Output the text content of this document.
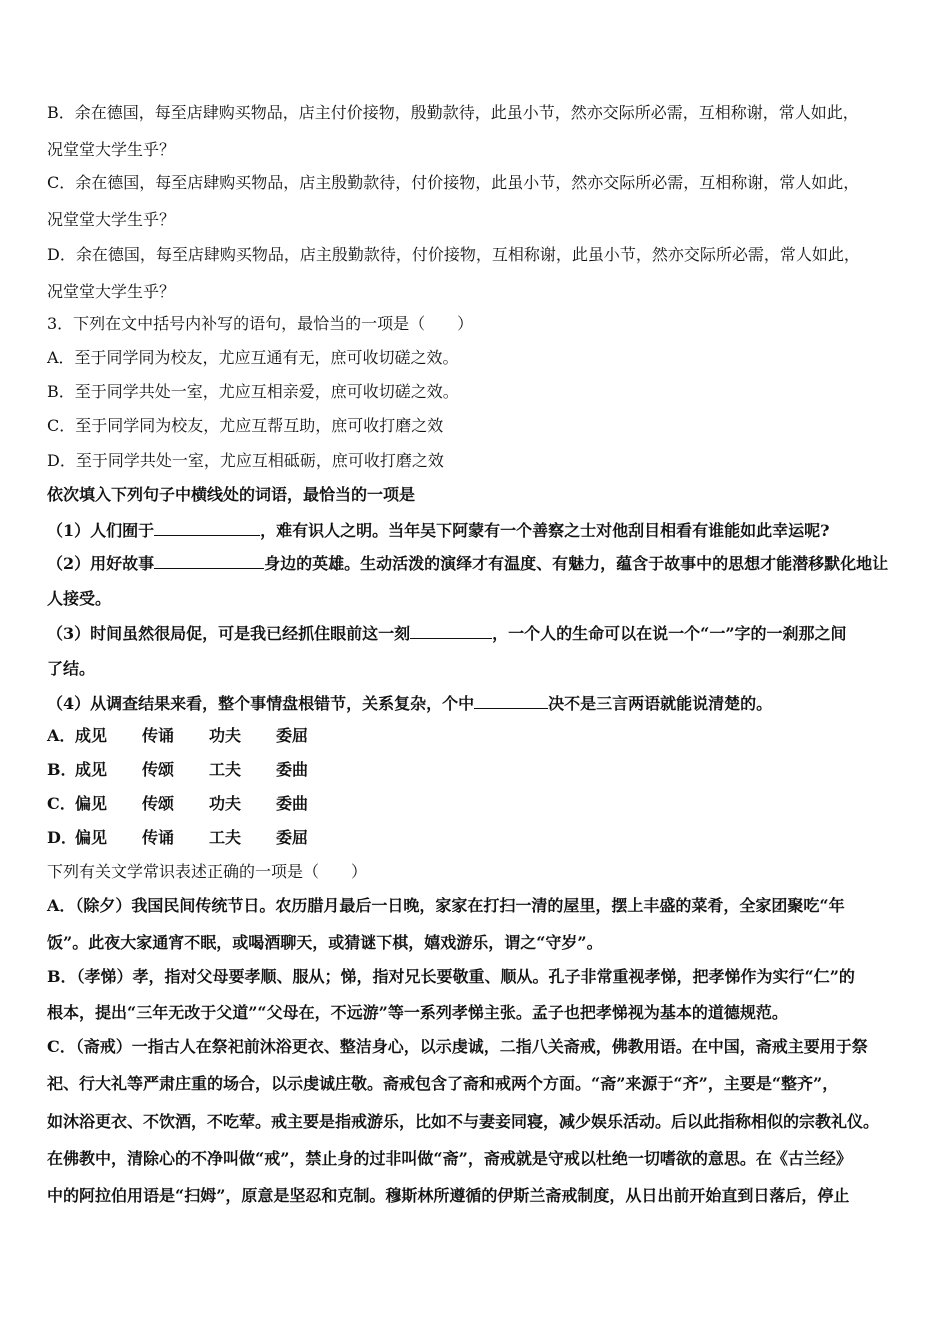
B．余在德国，每至店肆购买物品，店主付价接物，殷勤款待，此虽小节，然亦交际所必需，互相称谢，常人如此，
况堂堂大学生乎？
C．余在德国，每至店肆购买物品，店主殷勤款待，付价接物，此虽小节，然亦交际所必需，互相称谢，常人如此，
况堂堂大学生乎？
D．余在德国，每至店肆购买物品，店主殷勤款待，付价接物，互相称谢，此虽小节，然亦交际所必需，常人如此，
况堂堂大学生乎？
3．下列在文中括号内补写的语句，最恰当的一项是（　　）
A．至于同学同为校友，尤应互通有无，庶可收切磋之效。
B．至于同学共处一室，尤应互相亲爱，庶可收切磋之效。
C．至于同学同为校友，尤应互帮互助，庶可收打磨之效
D．至于同学共处一室，尤应互相砥砺，庶可收打磨之效
依次填入下列句子中横线处的词语，最恰当的一项是
（1）人们囿于	，难有识人之明。当年吴下阿蒙有一个善察之士对他刮目相看有谁能如此幸运呢?
（2）用好故事	身边的英雄。生动活泼的演绎才有温度、有魅力，蕴含于故事中的思想才能潜移默化地让
人接受。
（3）时间虽然很局促，可是我已经抓住眼前这一刻	，一个人的生命可以在说一个“一”字的一刹那之间
了结。
（4）从调查结果来看，整个事情盘根错节，关系复杂，个中	决不是三言两语就能说清楚的。
A．成见 传诵 功夫 委屈
B．成见 传颂 工夫 委曲
C．偏见 传颂 功夫 委曲
D．偏见 传诵 工夫 委屈
下列有关文学常识表述正确的一项是（　　）
A．（除夕）我国民间传统节日。农历腊月最后一日晚，家家在打扫一清的屋里，摆上丰盛的菜肴，全家团聚吃“年
饭”。此夜大家通宵不眠，或喝酒聊天，或猜谜下棋，嬉戏游乐，谓之“守岁”。
B．（孝悌）孝，指对父母要孝顺、服从；悌，指对兄长要敬重、顺从。孔子非常重视孝悌，把孝悌作为实行“仁”的
根本，提出“三年无改于父道”“父母在，不远游”等一系列孝悌主张。孟子也把孝悌视为基本的道德规范。
C．（斋戒）一指古人在祭祀前沐浴更衣、整洁身心，以示虔诚，二指八关斋戒，佛教用语。在中国，斋戒主要用于祭
祀、行大礼等严肃庄重的场合，以示虔诚庄敬。斋戒包含了斋和戒两个方面。“斋”来源于“齐”，主要是“整齐”，
如沐浴更衣、不饮酒，不吃荤。戒主要是指戒游乐，比如不与妻妾同寝，减少娱乐活动。后以此指称相似的宗教礼仪。
在佛教中，清除心的不净叫做“戒”，禁止身的过非叫做“斋”，斋戒就是守戒以杜绝一切嗜欲的意思。在《古兰经》
中的阿拉伯用语是“扫姆”，原意是坚忍和克制。穆斯林所遵循的伊斯兰斋戒制度，从日出前开始直到日落后，停止
